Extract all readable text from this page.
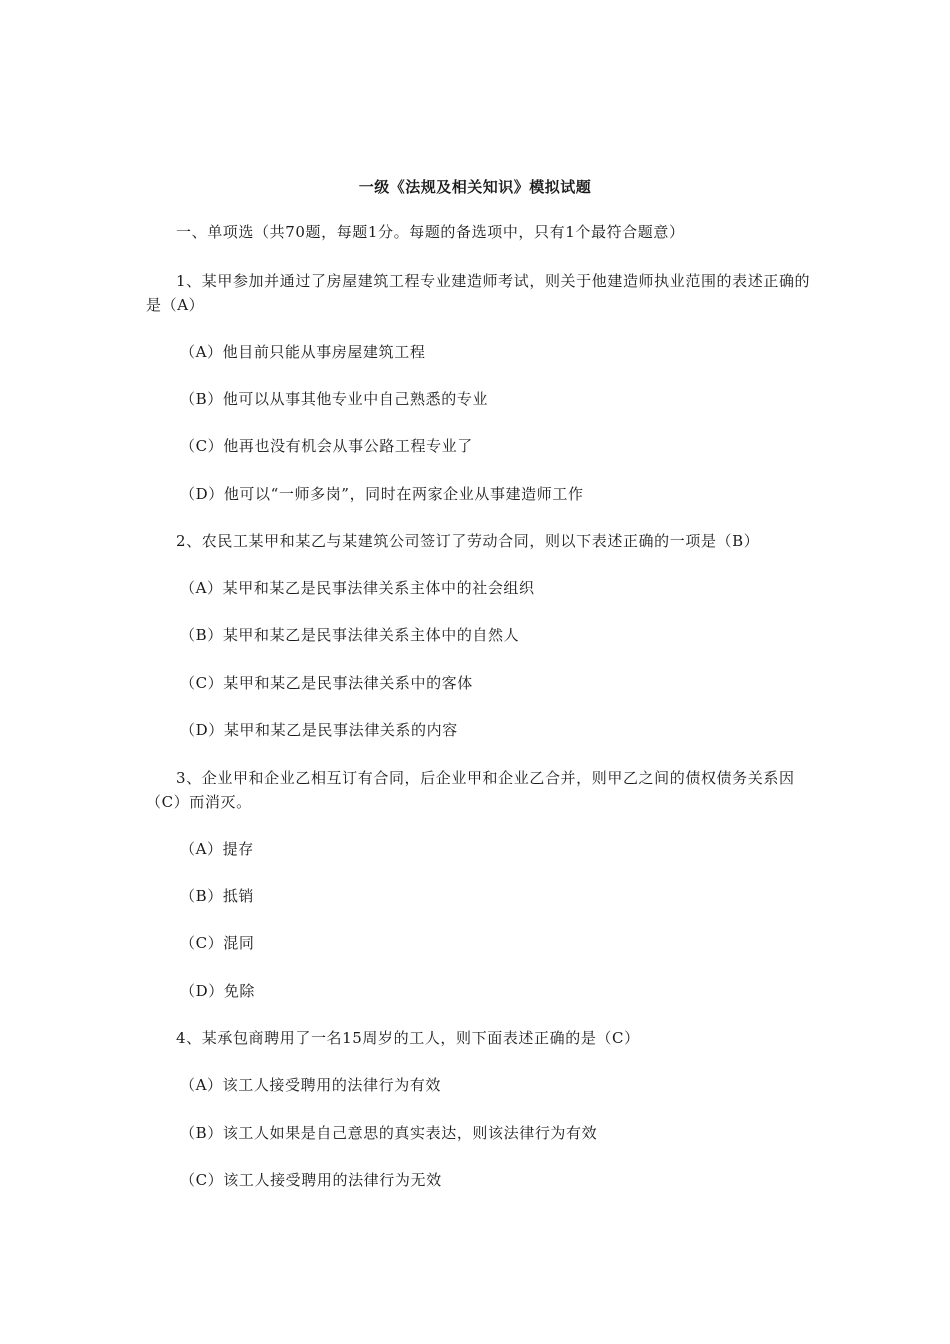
一级《法规及相关知识》模拟试题
一、单项选（共70题，每题1分。每题的备选项中，只有1个最符合题意）
1、某甲参加并通过了房屋建筑工程专业建造师考试，则关于他建造师执业范围的表述正确的是（A）
（A）他目前只能从事房屋建筑工程
（B）他可以从事其他专业中自己熟悉的专业
（C）他再也没有机会从事公路工程专业了
（D）他可以“一师多岗”，同时在两家企业从事建造师工作
2、农民工某甲和某乙与某建筑公司签订了劳动合同，则以下表述正确的一项是（B）
（A）某甲和某乙是民事法律关系主体中的社会组织
（B）某甲和某乙是民事法律关系主体中的自然人
（C）某甲和某乙是民事法律关系中的客体
（D）某甲和某乙是民事法律关系的内容
3、企业甲和企业乙相互订有合同，后企业甲和企业乙合并，则甲乙之间的债权债务关系因（C）而消灭。
（A）提存
（B）抵销
（C）混同
（D）免除
4、某承包商聘用了一名15周岁的工人，则下面表述正确的是（C）
（A）该工人接受聘用的法律行为有效
（B）该工人如果是自己意思的真实表达，则该法律行为有效
（C）该工人接受聘用的法律行为无效
